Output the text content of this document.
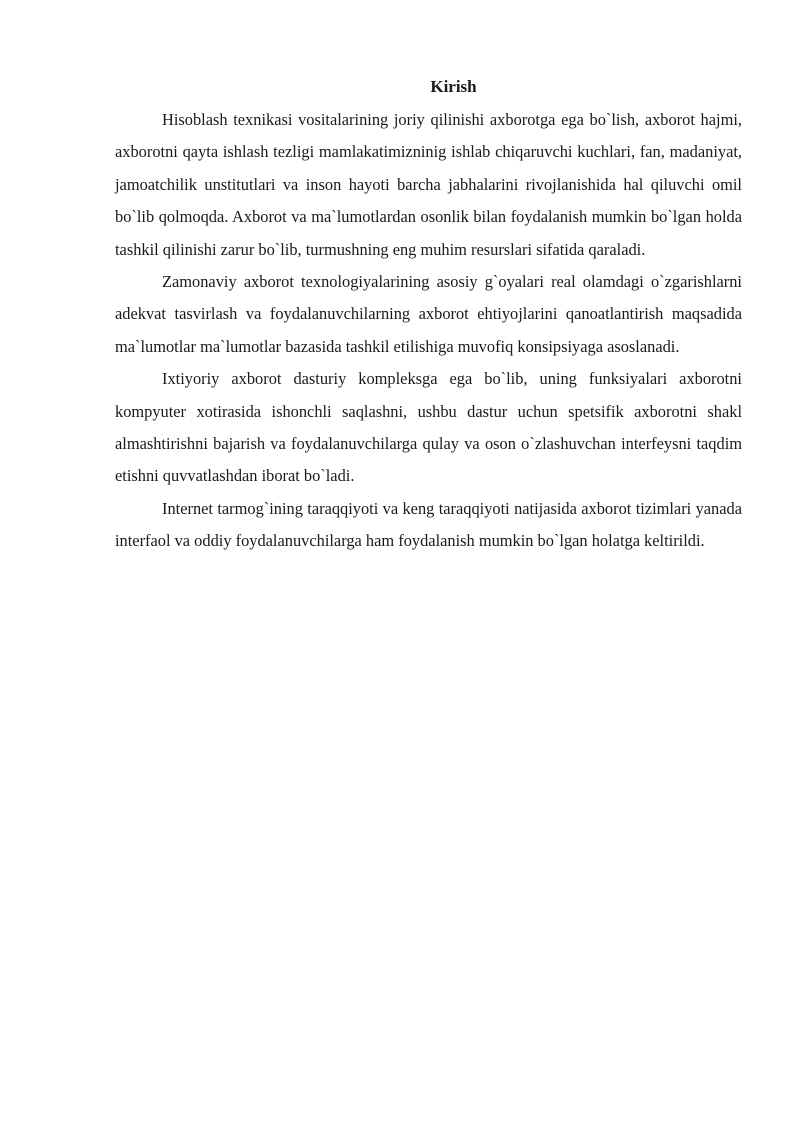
Kirish

Hisoblash texnikasi vositalarining joriy qilinishi axborotga ega bo`lish, axborot hajmi, axborotni qayta ishlash tezligi mamlakatimizninig ishlab chiqaruvchi kuchlari, fan, madaniyat, jamoatchilik unstitutlari va inson hayoti barcha jabhalarini rivojlanishida hal qiluvchi omil bo`lib qolmoqda. Axborot va ma`lumotlardan osonlik bilan foydalanish mumkin bo`lgan holda tashkil qilinishi zarur bo`lib, turmushning eng muhim resurslari sifatida qaraladi.

Zamonaviy axborot texnologiyalarining asosiy g`oyalari real olamdagi o`zgarishlarni adekvat tasvirlash va foydalanuvchilarning axborot ehtiyojlarini qanoatlantirish maqsadida ma`lumotlar ma`lumotlar bazasida tashkil etilishiga muvofiq konsipsiyaga asoslanadi.

Ixtiyoriy axborot dasturiy kompleksga ega bo`lib, uning funksiyalari axborotni kompyuter xotirasida ishonchli saqlashni, ushbu dastur uchun spetsifik axborotni shakl almashtirishni bajarish va foydalanuvchilarga qulay va oson o`zlashuvchan interfeysni taqdim etishni quvvatlashdan iborat bo`ladi.

Internet tarmog`ining taraqqiyoti va keng taraqqiyoti natijasida axborot tizimlari yanada interfaol va oddiy foydalanuvchilarga ham foydalanish mumkin bo`lgan holatga keltirildi.
